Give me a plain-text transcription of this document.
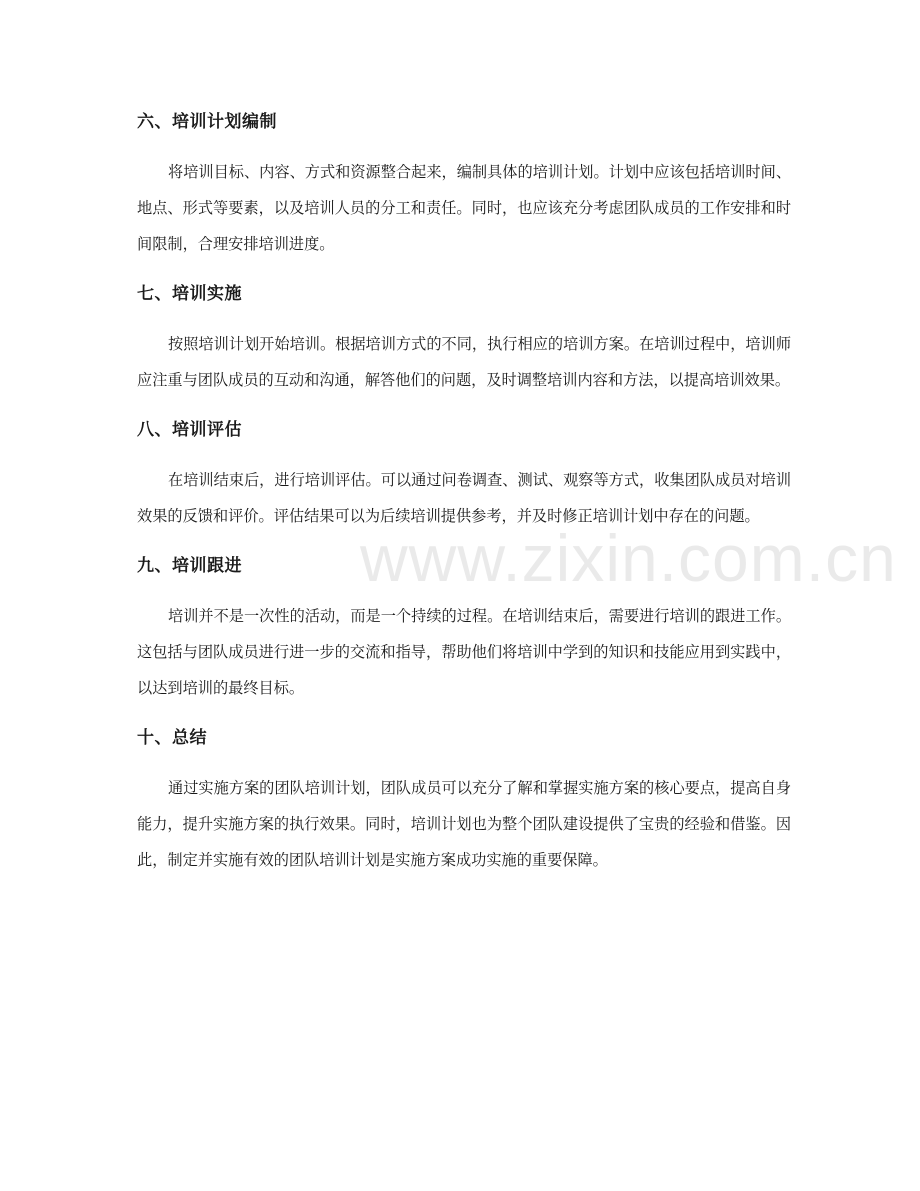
六、培训计划编制

将培训目标、内容、方式和资源整合起来，编制具体的培训计划。计划中应该包括培训时间、地点、形式等要素，以及培训人员的分工和责任。同时，也应该充分考虑团队成员的工作安排和时间限制，合理安排培训进度。

七、培训实施

按照培训计划开始培训。根据培训方式的不同，执行相应的培训方案。在培训过程中，培训师应注重与团队成员的互动和沟通，解答他们的问题，及时调整培训内容和方法，以提高培训效果。

八、培训评估

在培训结束后，进行培训评估。可以通过问卷调查、测试、观察等方式，收集团队成员对培训效果的反馈和评价。评估结果可以为后续培训提供参考，并及时修正培训计划中存在的问题。

九、培训跟进

培训并不是一次性的活动，而是一个持续的过程。在培训结束后，需要进行培训的跟进工作。这包括与团队成员进行进一步的交流和指导，帮助他们将培训中学到的知识和技能应用到实践中，以达到培训的最终目标。

十、总结

通过实施方案的团队培训计划，团队成员可以充分了解和掌握实施方案的核心要点，提高自身能力，提升实施方案的执行效果。同时，培训计划也为整个团队建设提供了宝贵的经验和借鉴。因此，制定并实施有效的团队培训计划是实施方案成功实施的重要保障。

www.zixin.com.cn
